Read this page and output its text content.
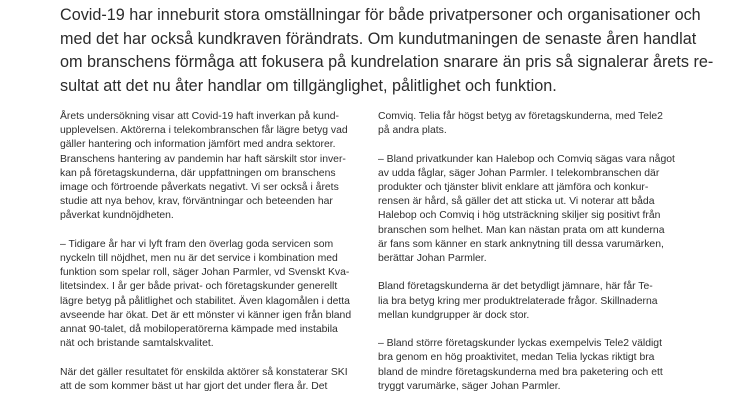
Covid-19 har inneburit stora omställningar för både privatpersoner och organisationer och
med det har också kundkraven förändrats. Om kundutmaningen de senaste åren handlat
om branschens förmåga att fokusera på kundrelation snarare än pris så signalerar årets re-
sultat att det nu åter handlar om tillgänglighet, pålitlighet och funktion.

Årets undersökning visar att Covid-19 haft inverkan på kund-
upplevelsen. Aktörerna i telekombranschen får lägre betyg vad
gäller hantering och information jämfört med andra sektorer.
Branschens hantering av pandemin har haft särskilt stor inver-
kan på företagskunderna, där uppfattningen om branschens
image och förtroende påverkats negativt. Vi ser också i årets
studie att nya behov, krav, förväntningar och beteenden har
påverkat kundnöjdheten.

– Tidigare år har vi lyft fram den överlag goda servicen som
nyckeln till nöjdhet, men nu är det service i kombination med
funktion som spelar roll, säger Johan Parmler, vd Svenskt Kva-
litetsindex. I år ger både privat- och företagskunder generellt
lägre betyg på pålitlighet och stabilitet. Även klagomålen i detta
avseende har ökat. Det är ett mönster vi känner igen från bland
annat 90-talet, då mobiloperatörerna kämpade med instabila
nät och bristande samtalskvalitet.

När det gäller resultatet för enskilda aktörer så konstaterar SKI
att de som kommer bäst ut har gjort det under flera år. Det

Comviq. Telia får högst betyg av företagskunderna, med Tele2
på andra plats.

– Bland privatkunder kan Halebop och Comviq sägas vara något
av udda fåglar, säger Johan Parmler. I telekombranschen där
produkter och tjänster blivit enklare att jämföra och konkur-
rensen är hård, så gäller det att sticka ut. Vi noterar att båda
Halebop och Comviq i hög utsträckning skiljer sig positivt från
branschen som helhet. Man kan nästan prata om att kunderna
är fans som känner en stark anknytning till dessa varumärken,
berättar Johan Parmler.

Bland företagskunderna är det betydligt jämnare, här får Te-
lia bra betyg kring mer produktrelaterade frågor. Skillnaderna
mellan kundgrupper är dock stor.

– Bland större företagskunder lyckas exempelvis Tele2 väldigt
bra genom en hög proaktivitet, medan Telia lyckas riktigt bra
bland de mindre företagskunderna med bra paketering och ett
tryggt varumärke, säger Johan Parmler.
